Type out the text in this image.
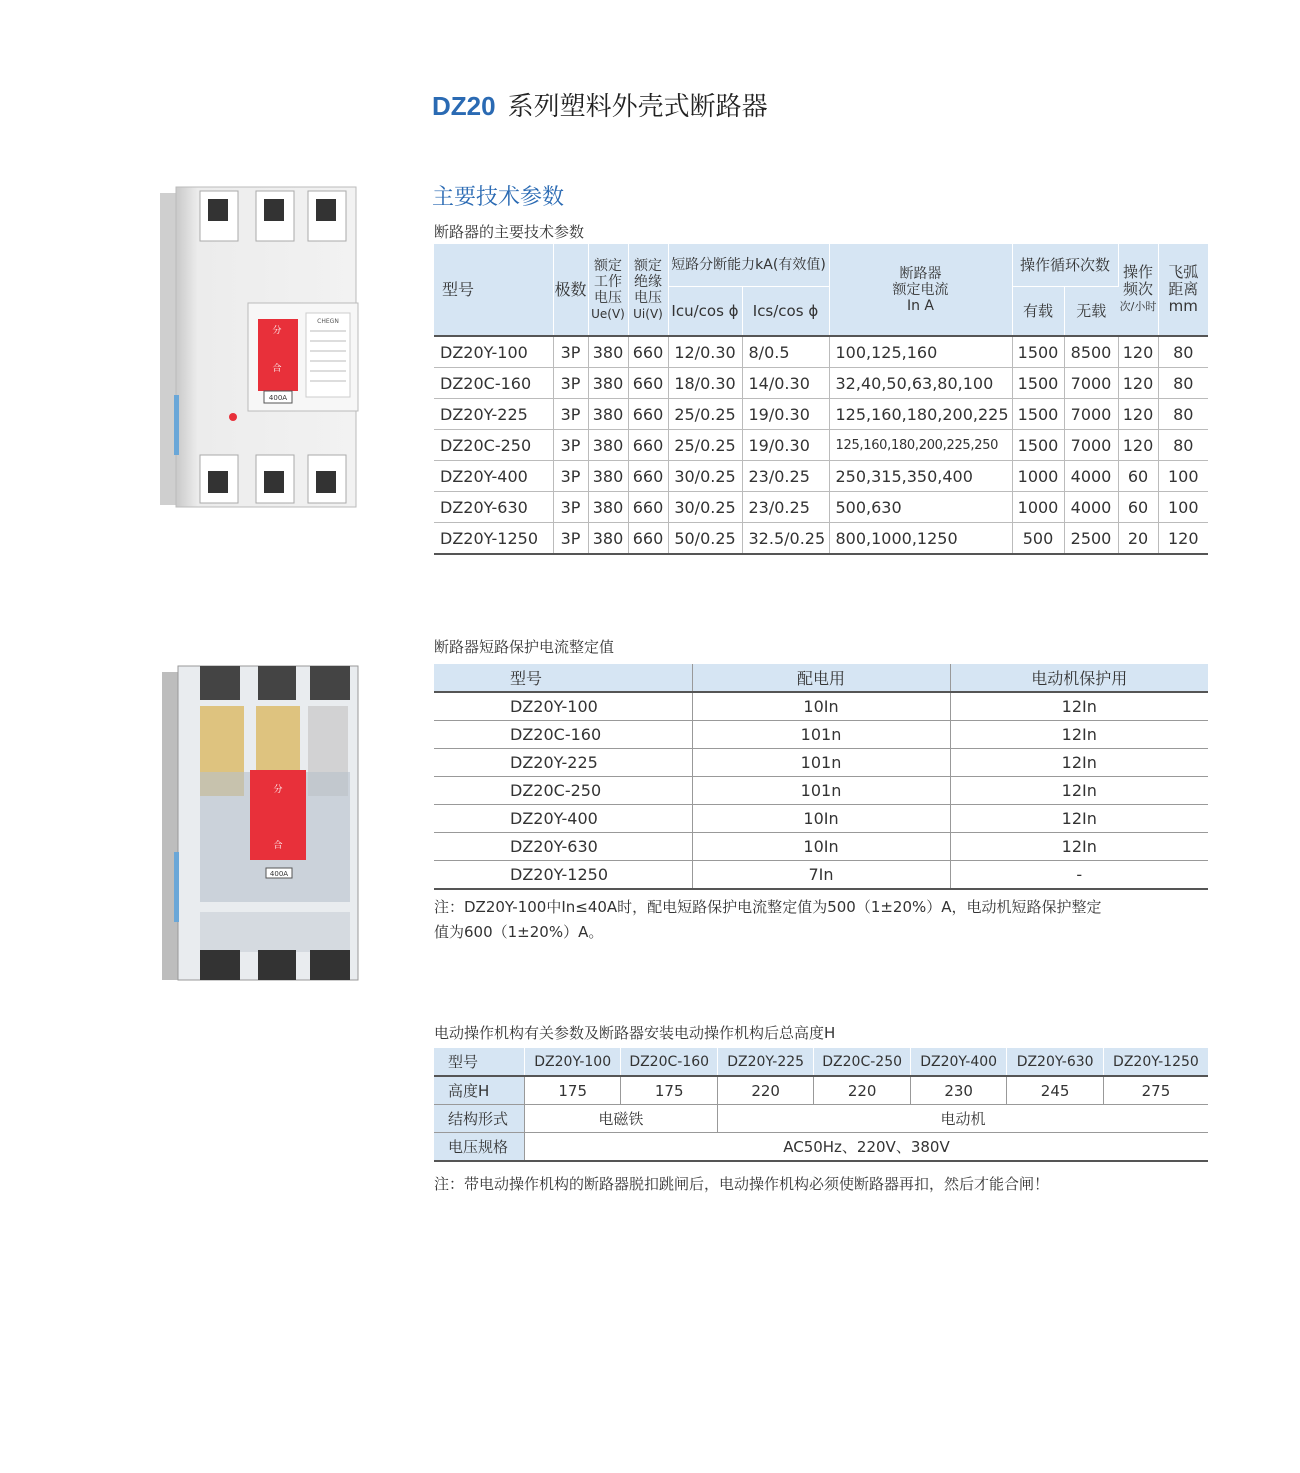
DZ20 系列塑料外壳式断路器
主要技术参数
断路器的主要技术参数
分
合
400A
CHEGN
型号	极数	额定
工作
电压
Ue(V)	额定
绝缘
电压
Ui(V)	短路分断能力kA(有效值)		断路器
额定电流
In A	操作循环次数		操作
频次
次/小时	飞弧
距离
mm
				Icu/cos ϕ	Ics/cos ϕ		有载	无载		
DZ20Y-100	3P	380	660	12/0.30	8/0.5	100,125,160	1500	8500	120	80
DZ20C-160	3P	380	660	18/0.30	14/0.30	32,40,50,63,80,100	1500	7000	120	80
DZ20Y-225	3P	380	660	25/0.25	19/0.30	125,160,180,200,225	1500	7000	120	80
DZ20C-250	3P	380	660	25/0.25	19/0.30	125,160,180,200,225,250	1500	7000	120	80
DZ20Y-400	3P	380	660	30/0.25	23/0.25	250,315,350,400	1000	4000	60	100
DZ20Y-630	3P	380	660	30/0.25	23/0.25	500,630	1000	4000	60	100
DZ20Y-1250	3P	380	660	50/0.25	32.5/0.25	800,1000,1250	500	2500	20	120
断路器短路保护电流整定值
分
合
400A
型号	配电用	电动机保护用
DZ20Y-100	10In	12In
DZ20C-160	101n	12In
DZ20Y-225	101n	12In
DZ20C-250	101n	12In
DZ20Y-400	10In	12In
DZ20Y-630	10In	12In
DZ20Y-1250	7In	-
注：DZ20Y-100中In≤40A时，配电短路保护电流整定值为500（1±20%）A，电动机短路保护整定
值为600（1±20%）A。
电动操作机构有关参数及断路器安装电动操作机构后总高度H
型号	DZ20Y-100	DZ20C-160	DZ20Y-225	DZ20C-250	DZ20Y-400	DZ20Y-630	DZ20Y-1250
高度H	175	175	220	220	230	245	275
结构形式	电磁铁		电动机				
电压规格	AC50Hz、220V、380V						
注：带电动操作机构的断路器脱扣跳闸后，电动操作机构必须使断路器再扣，然后才能合闸！
